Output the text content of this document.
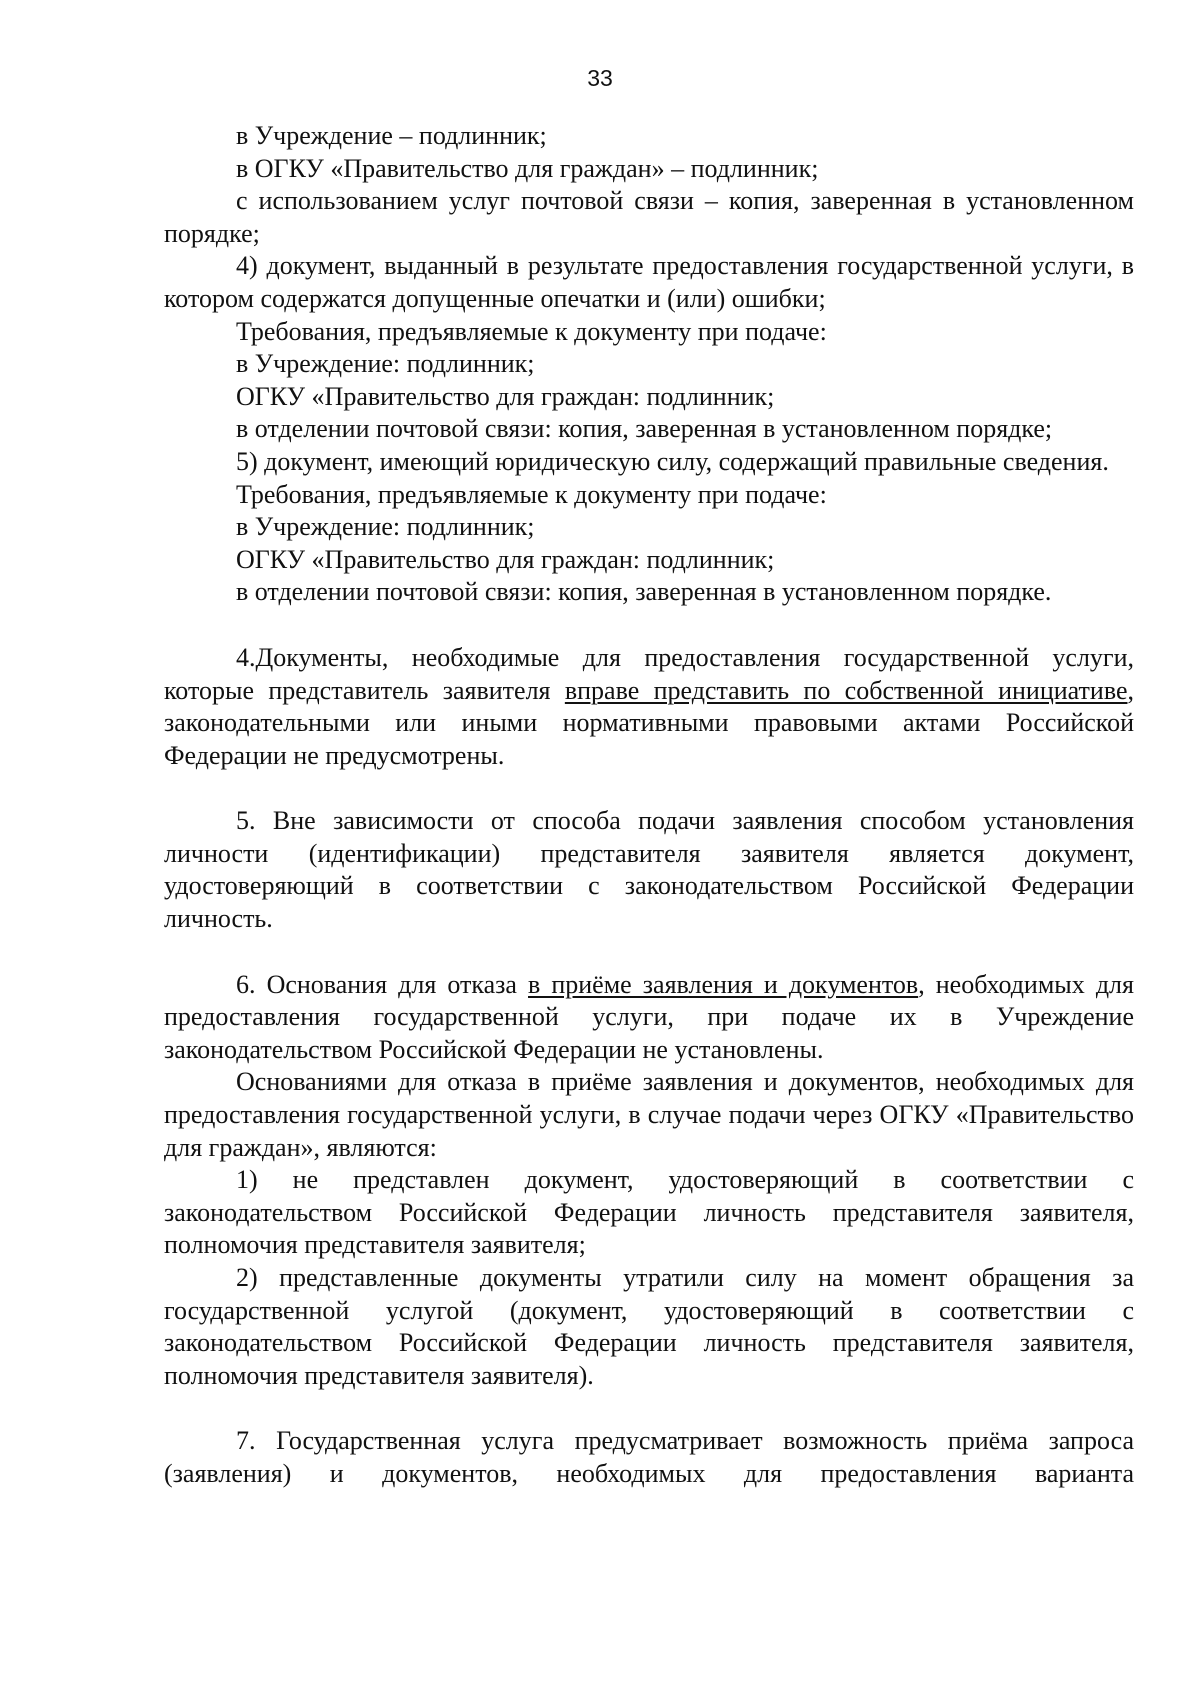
33

в Учреждение – подлинник;

в ОГКУ «Правительство для граждан» – подлинник;

с использованием услуг почтовой связи – копия, заверенная в установленном порядке;

4) документ, выданный в результате предоставления государственной услуги, в котором содержатся допущенные опечатки и (или) ошибки;

Требования, предъявляемые к документу при подаче:

в Учреждение: подлинник;

ОГКУ «Правительство для граждан: подлинник;

в отделении почтовой связи: копия, заверенная в установленном порядке;

5) документ, имеющий юридическую силу, содержащий правильные сведения.

Требования, предъявляемые к документу при подаче:

в Учреждение: подлинник;

ОГКУ «Правительство для граждан: подлинник;

в отделении почтовой связи: копия, заверенная в установленном порядке.

4.Документы, необходимые для предоставления государственной услуги, которые представитель заявителя вправе представить по собственной инициативе, законодательными или иными нормативными правовыми актами Российской Федерации не предусмотрены.

5. Вне зависимости от способа подачи заявления способом установления личности (идентификации) представителя заявителя является документ, удостоверяющий в соответствии с законодательством Российской Федерации личность.

6. Основания для отказа в приёме заявления и документов, необходимых для предоставления государственной услуги, при подаче их в Учреждение законодательством Российской Федерации не установлены.

Основаниями для отказа в приёме заявления и документов, необходимых для предоставления государственной услуги, в случае подачи через ОГКУ «Правительство для граждан», являются:

1) не представлен документ, удостоверяющий в соответствии с законодательством Российской Федерации личность представителя заявителя, полномочия представителя заявителя;

2) представленные документы утратили силу на момент обращения за государственной услугой (документ, удостоверяющий в соответствии с законодательством Российской Федерации личность представителя заявителя, полномочия представителя заявителя).

7. Государственная услуга предусматривает возможность приёма запроса (заявления) и документов, необходимых для предоставления варианта
